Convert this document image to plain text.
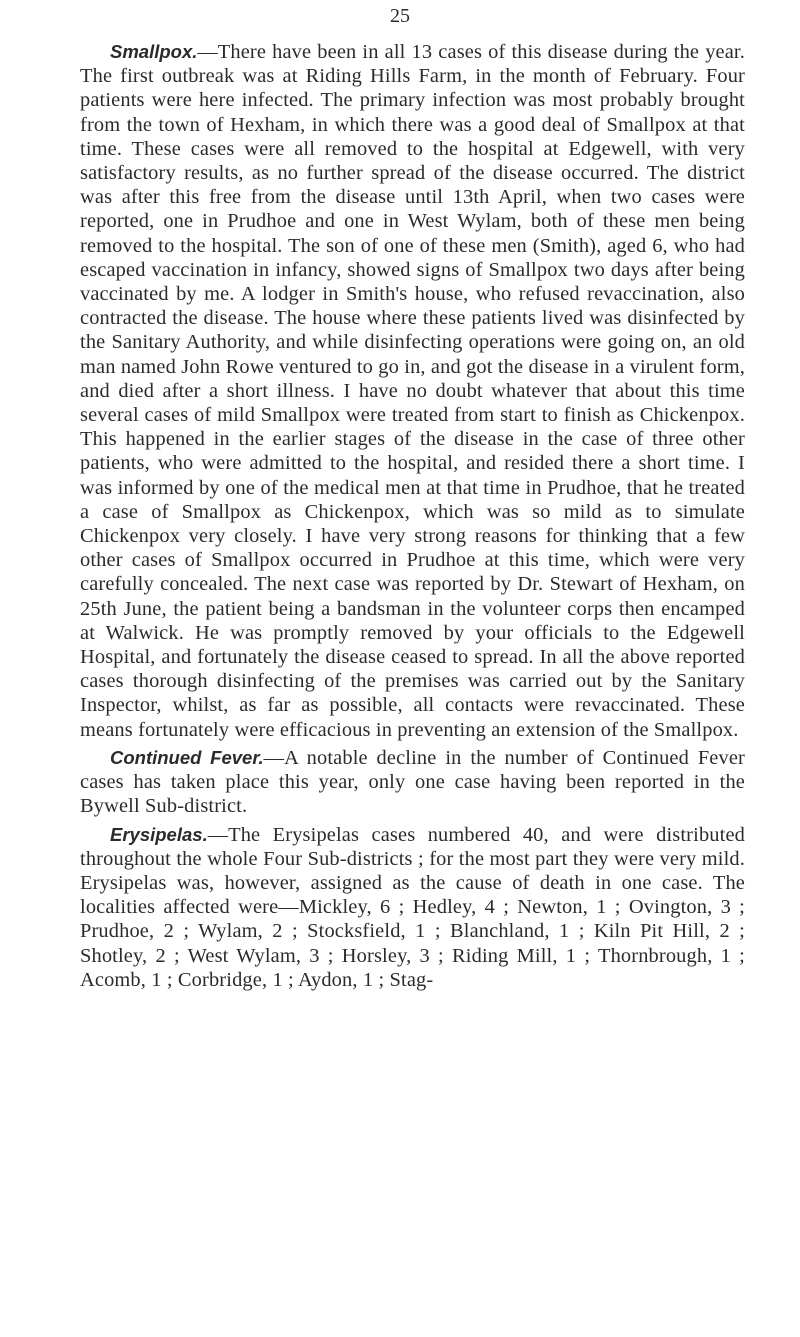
25

Smallpox.—There have been in all 13 cases of this disease during the year. The first outbreak was at Riding Hills Farm, in the month of February. Four patients were here infected. The primary infection was most probably brought from the town of Hexham, in which there was a good deal of Smallpox at that time. These cases were all removed to the hospital at Edgewell, with very satisfactory results, as no further spread of the disease occurred. The district was after this free from the disease until 13th April, when two cases were reported, one in Prudhoe and one in West Wylam, both of these men being removed to the hospital. The son of one of these men (Smith), aged 6, who had escaped vaccination in infancy, showed signs of Smallpox two days after being vaccinated by me. A lodger in Smith's house, who refused revaccination, also contracted the disease. The house where these patients lived was disinfected by the Sanitary Authority, and while disinfecting operations were going on, an old man named John Rowe ventured to go in, and got the disease in a virulent form, and died after a short illness. I have no doubt whatever that about this time several cases of mild Smallpox were treated from start to finish as Chickenpox. This happened in the earlier stages of the disease in the case of three other patients, who were admitted to the hospital, and resided there a short time. I was informed by one of the medical men at that time in Prudhoe, that he treated a case of Smallpox as Chickenpox, which was so mild as to simulate Chickenpox very closely. I have very strong reasons for thinking that a few other cases of Smallpox occurred in Prudhoe at this time, which were very carefully concealed. The next case was reported by Dr. Stewart of Hexham, on 25th June, the patient being a bandsman in the volunteer corps then encamped at Walwick. He was promptly removed by your officials to the Edgewell Hospital, and fortunately the disease ceased to spread. In all the above reported cases thorough disinfecting of the premises was carried out by the Sanitary Inspector, whilst, as far as possible, all contacts were revaccinated. These means fortunately were efficacious in preventing an extension of the Smallpox.

Continued Fever.—A notable decline in the number of Continued Fever cases has taken place this year, only one case having been reported in the Bywell Sub-district.

Erysipelas.—The Erysipelas cases numbered 40, and were distributed throughout the whole Four Sub-districts ; for the most part they were very mild. Erysipelas was, however, assigned as the cause of death in one case. The localities affected were—Mickley, 6 ; Hedley, 4 ; Newton, 1 ; Ovington, 3 ; Prudhoe, 2 ; Wylam, 2 ; Stocksfield, 1 ; Blanchland, 1 ; Kiln Pit Hill, 2 ; Shotley, 2 ; West Wylam, 3 ; Horsley, 3 ; Riding Mill, 1 ; Thornbrough, 1 ; Acomb, 1 ; Corbridge, 1 ; Aydon, 1 ; Stag-
